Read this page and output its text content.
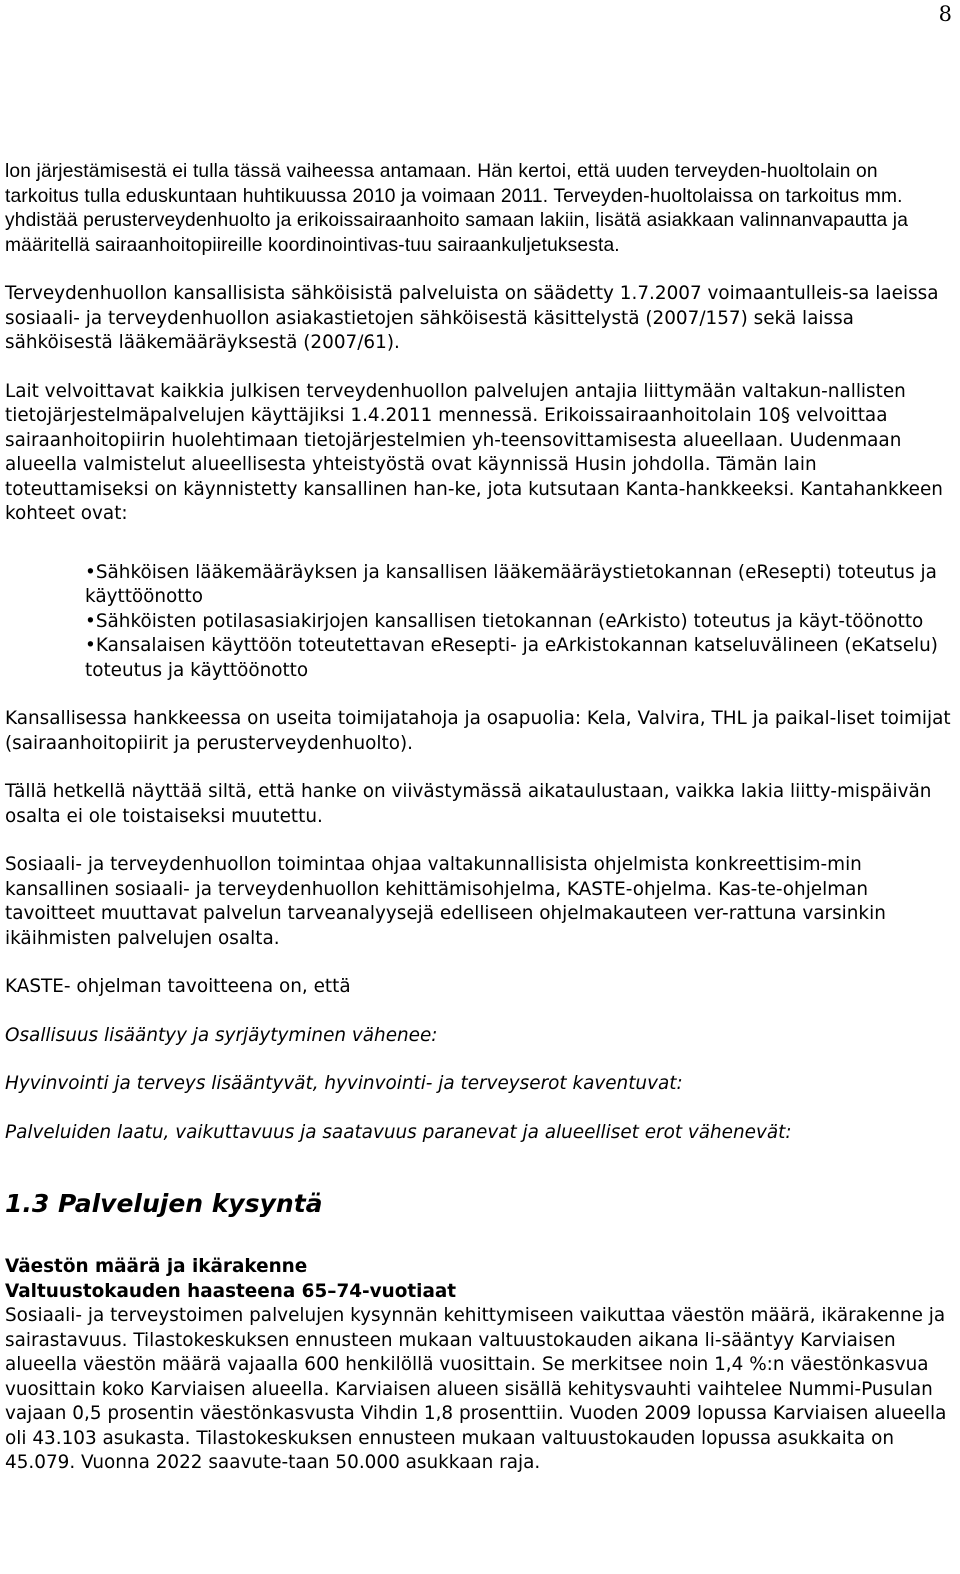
8

lon järjestämisestä ei tulla tässä vaiheessa antamaan. Hän kertoi, että uuden terveyden-huoltolain on tarkoitus tulla eduskuntaan huhtikuussa 2010 ja voimaan 2011. Terveyden-huoltolaissa on tarkoitus mm. yhdistää perusterveydenhuolto ja erikoissairaanhoito samaan lakiin, lisätä asiakkaan valinnanvapautta ja määritellä sairaanhoitopiireille koordinointivas-tuu sairaankuljetuksesta.

Terveydenhuollon kansallisista sähköisistä palveluista on säädetty 1.7.2007 voimaantulleis-sa laeissa sosiaali- ja terveydenhuollon asiakastietojen sähköisestä käsittelystä (2007/157) sekä laissa sähköisestä lääkemääräyksestä (2007/61).

Lait velvoittavat kaikkia julkisen terveydenhuollon palvelujen antajia liittymään valtakun-nallisten tietojärjestelmäpalvelujen käyttäjiksi 1.4.2011 mennessä. Erikoissairaanhoitolain 10§ velvoittaa sairaanhoitopiirin huolehtimaan tietojärjestelmien yh-teensovittamisesta alueellaan. Uudenmaan alueella valmistelut alueellisesta yhteistyöstä ovat käynnissä Husin johdolla. Tämän lain toteuttamiseksi on käynnistetty kansallinen han-ke, jota kutsutaan Kanta-hankkeeksi. Kantahankkeen kohteet ovat:

•Sähköisen lääkemääräyksen ja kansallisen lääkemääräystietokannan (eResepti) toteutus ja käyttöönotto
•Sähköisten potilasasiakirjojen kansallisen tietokannan (eArkisto) toteutus ja käyt-töönotto
•Kansalaisen käyttöön toteutettavan eResepti- ja eArkistokannan katseluvälineen (eKatselu) toteutus ja käyttöönotto

Kansallisessa hankkeessa on useita toimijatahoja ja osapuolia: Kela, Valvira, THL ja paikal-liset toimijat (sairaanhoitopiirit ja perusterveydenhuolto).

Tällä hetkellä näyttää siltä, että hanke on viivästymässä aikataulustaan, vaikka lakia liitty-mispäivän osalta ei ole toistaiseksi muutettu.

Sosiaali- ja terveydenhuollon toimintaa ohjaa valtakunnallisista ohjelmista konkreettisim-min kansallinen sosiaali- ja terveydenhuollon kehittämisohjelma, KASTE-ohjelma. Kas-te-ohjelman tavoitteet muuttavat palvelun tarveanalyysejä edelliseen ohjelmakauteen ver-rattuna varsinkin ikäihmisten palvelujen osalta.

KASTE- ohjelman tavoitteena on, että

Osallisuus lisääntyy ja syrjäytyminen vähenee:

Hyvinvointi ja terveys lisääntyvät, hyvinvointi- ja terveyserot kaventuvat:

Palveluiden laatu, vaikuttavuus ja saatavuus paranevat ja alueelliset erot vähenevät:

1.3 Palvelujen kysyntä

Väestön määrä ja ikärakenne

Valtuustokauden haasteena 65–74-vuotiaat

Sosiaali- ja terveystoimen palvelujen kysynnän kehittymiseen vaikuttaa väestön määrä, ikärakenne ja sairastavuus. Tilastokeskuksen ennusteen mukaan valtuustokauden aikana li-sääntyy Karviaisen alueella väestön määrä vajaalla 600 henkilöllä vuosittain. Se merkitsee noin 1,4 %:n väestönkasvua vuosittain koko Karviaisen alueella. Karviaisen alueen sisällä kehitysvauhti vaihtelee Nummi-Pusulan vajaan 0,5 prosentin väestönkasvusta Vihdin 1,8 prosenttiin. Vuoden 2009 lopussa Karviaisen alueella oli 43.103 asukasta. Tilastokeskuksen ennusteen mukaan valtuustokauden lopussa asukkaita on 45.079. Vuonna 2022 saavute-taan 50.000 asukkaan raja.
